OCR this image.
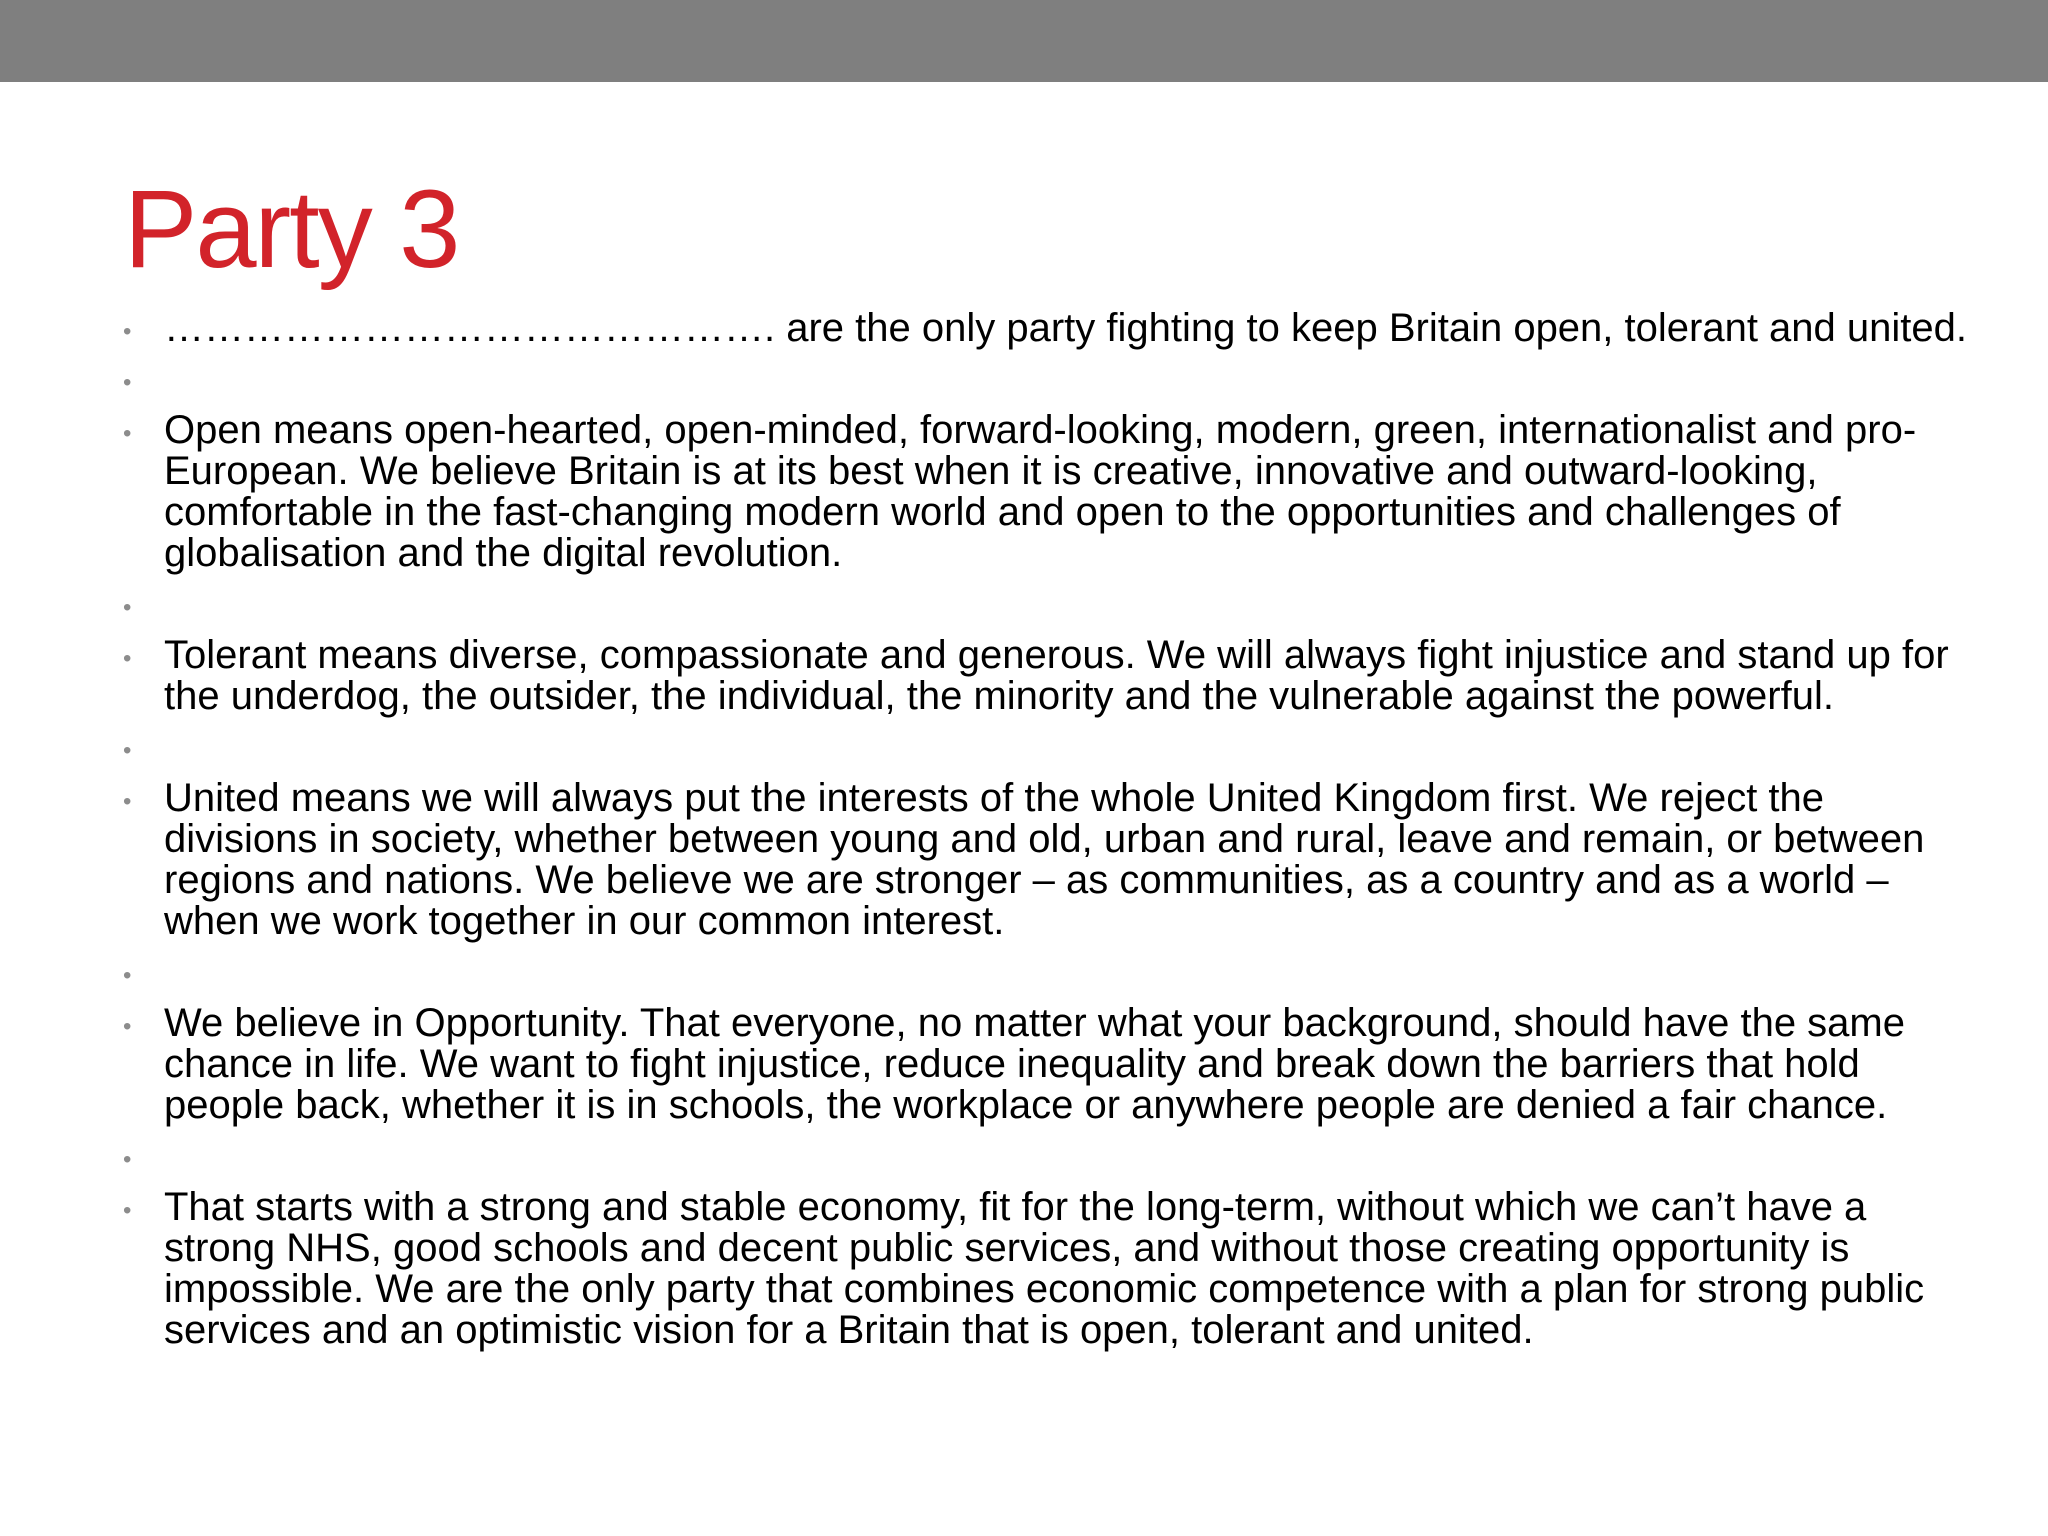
Party 3
• ………………………………………. are the only party fighting to keep Britain open, tolerant and united.
•
• Open means open-hearted, open-minded, forward-looking, modern, green, internationalist and pro-European. We believe Britain is at its best when it is creative, innovative and outward-looking, comfortable in the fast-changing modern world and open to the opportunities and challenges of globalisation and the digital revolution.
•
• Tolerant means diverse, compassionate and generous. We will always fight injustice and stand up for the underdog, the outsider, the individual, the minority and the vulnerable against the powerful.
•
• United means we will always put the interests of the whole United Kingdom first. We reject the divisions in society, whether between young and old, urban and rural, leave and remain, or between regions and nations. We believe we are stronger – as communities, as a country and as a world – when we work together in our common interest.
•
• We believe in Opportunity. That everyone, no matter what your background, should have the same chance in life. We want to fight injustice, reduce inequality and break down the barriers that hold people back, whether it is in schools, the workplace or anywhere people are denied a fair chance.
•
• That starts with a strong and stable economy, fit for the long-term, without which we can’t have a strong NHS, good schools and decent public services, and without those creating opportunity is impossible. We are the only party that combines economic competence with a plan for strong public services and an optimistic vision for a Britain that is open, tolerant and united.
